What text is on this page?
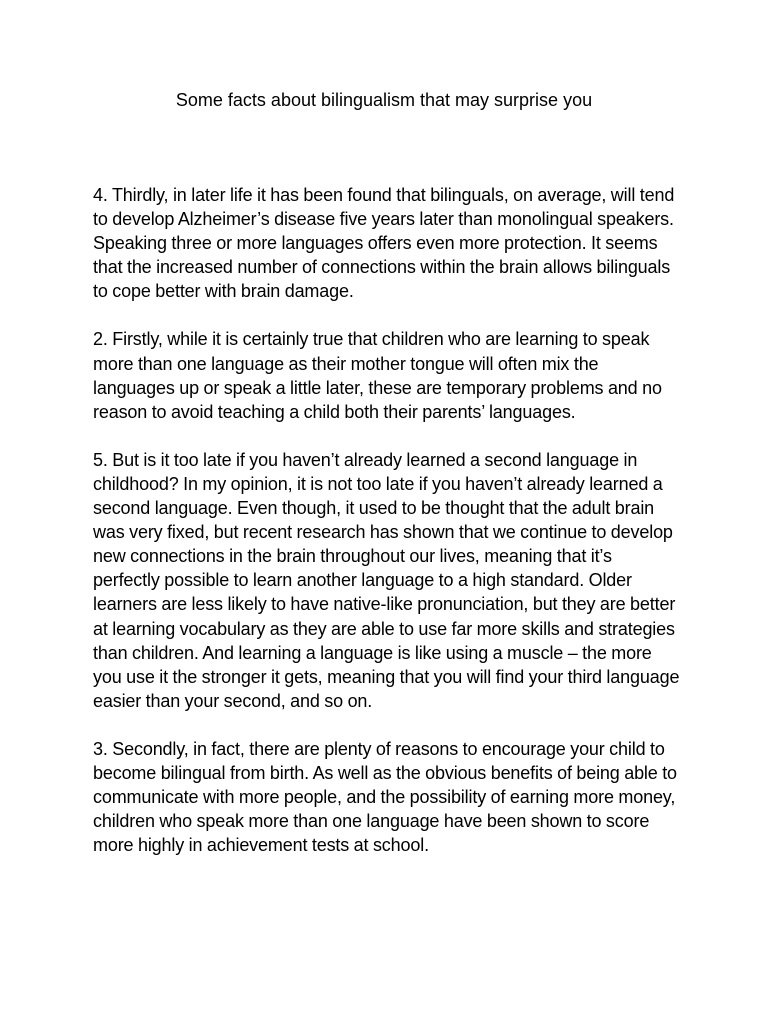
Some facts about bilingualism that may surprise you

4. Thirdly, in later life it has been found that bilinguals, on average, will tend to develop Alzheimer’s disease five years later than monolingual speakers. Speaking three or more languages offers even more protection. It seems that the increased number of connections within the brain allows bilinguals to cope better with brain damage.

2. Firstly, while it is certainly true that children who are learning to speak more than one language as their mother tongue will often mix the languages up or speak a little later, these are temporary problems and no reason to avoid teaching a child both their parents’ languages.

5. But is it too late if you haven’t already learned a second language in childhood? In my opinion, it is not too late if you haven’t already learned a second language. Even though, it used to be thought that the adult brain was very fixed, but recent research has shown that we continue to develop new connections in the brain throughout our lives, meaning that it’s perfectly possible to learn another language to a high standard. Older learners are less likely to have native-like pronunciation, but they are better at learning vocabulary as they are able to use far more skills and strategies than children. And learning a language is like using a muscle – the more you use it the stronger it gets, meaning that you will find your third language easier than your second, and so on.

3. Secondly, in fact, there are plenty of reasons to encourage your child to become bilingual from birth. As well as the obvious benefits of being able to communicate with more people, and the possibility of earning more money, children who speak more than one language have been shown to score more highly in achievement tests at school.
